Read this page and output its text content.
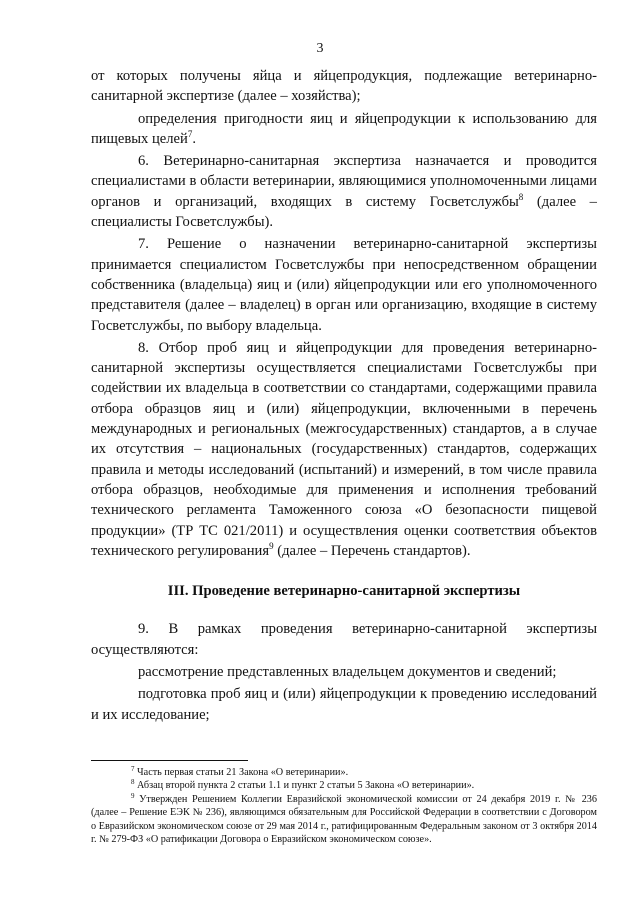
3

от которых получены яйца и яйцепродукция, подлежащие ветеринарно-санитарной экспертизе (далее – хозяйства);

определения пригодности яиц и яйцепродукции к использованию для пищевых целей$^7$.

6. Ветеринарно-санитарная экспертиза назначается и проводится специалистами в области ветеринарии, являющимися уполномоченными лицами органов и организаций, входящих в систему Госветслужбы$^8$ (далее – специалисты Госветслужбы).

7. Решение о назначении ветеринарно-санитарной экспертизы принимается специалистом Госветслужбы при непосредственном обращении собственника (владельца) яиц и (или) яйцепродукции или его уполномоченного представителя (далее – владелец) в орган или организацию, входящие в систему Госветслужбы, по выбору владельца.

8. Отбор проб яиц и яйцепродукции для проведения ветеринарно-санитарной экспертизы осуществляется специалистами Госветслужбы при содействии их владельца в соответствии со стандартами, содержащими правила отбора образцов яиц и (или) яйцепродукции, включенными в перечень международных и региональных (межгосударственных) стандартов, а в случае их отсутствия – национальных (государственных) стандартов, содержащих правила и методы исследований (испытаний) и измерений, в том числе правила отбора образцов, необходимые для применения и исполнения требований технического регламента Таможенного союза «О безопасности пищевой продукции» (ТР ТС 021/2011) и осуществления оценки соответствия объектов технического регулирования$^9$ (далее – Перечень стандартов).

III. Проведение ветеринарно-санитарной экспертизы

9. В рамках проведения ветеринарно-санитарной экспертизы осуществляются:

рассмотрение представленных владельцем документов и сведений;

подготовка проб яиц и (или) яйцепродукции к проведению исследований и их исследование;

$^7$ Часть первая статьи 21 Закона «О ветеринарии».

$^8$ Абзац второй пункта 2 статьи 1.1 и пункт 2 статьи 5 Закона «О ветеринарии».

$^9$ Утвержден Решением Коллегии Евразийской экономической комиссии от 24 декабря 2019 г. № 236 (далее – Решение ЕЭК № 236), являющимся обязательным для Российской Федерации в соответствии с Договором о Евразийском экономическом союзе от 29 мая 2014 г., ратифицированным Федеральным законом от 3 октября 2014 г. № 279-ФЗ «О ратификации Договора о Евразийском экономическом союзе».
